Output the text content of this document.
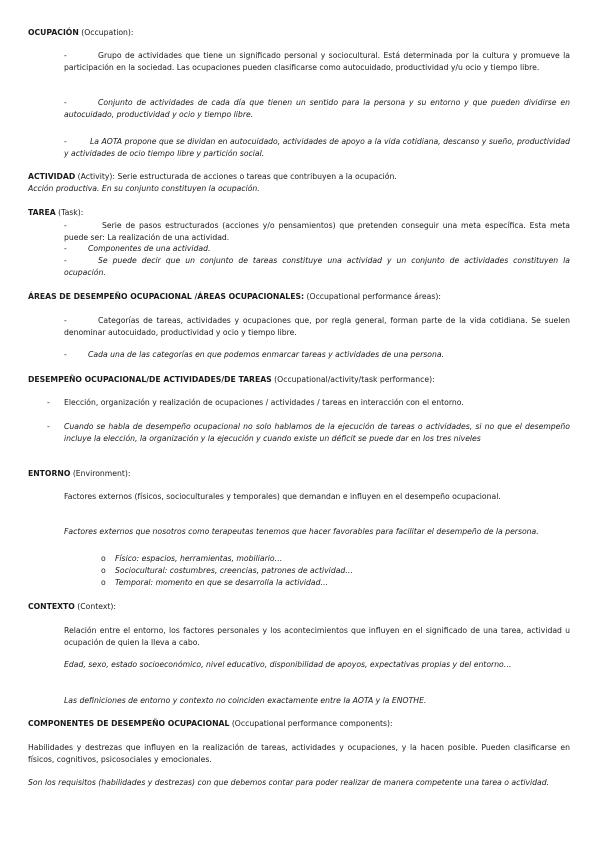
OCUPACIÓN (Occupation):
-	Grupo de actividades que tiene un significado personal y sociocultural. Está determinada por la cultura y promueve la participación en la sociedad. Las ocupaciones pueden clasificarse como autocuidado, productividad y/u ocio y tiempo libre.
-	Conjunto de actividades de cada día que tienen un sentido para la persona y su entorno y que pueden dividirse en autocuidado, productividad y ocio y tiempo libre.
-	La AOTA propone que se dividan en autocuidado, actividades de apoyo a la vida cotidiana, descanso y sueño, productividad y actividades de ocio tiempo libre y partición social.
ACTIVIDAD (Activity): Serie estructurada de acciones o tareas que contribuyen a la ocupación.
Acción productiva. En su conjunto constituyen la ocupación.
TAREA (Task):
-	Serie de pasos estructurados (acciones y/o pensamientos) que pretenden conseguir una meta específica. Esta meta puede ser: La realización de una actividad.
-	Componentes de una actividad.
-	Se puede decir que un conjunto de tareas constituye una actividad y un conjunto de actividades constituyen la ocupación.
ÁREAS DE DESEMPEÑO OCUPACIONAL /ÁREAS OCUPACIONALES: (Occupational performance áreas):
-	Categorías de tareas, actividades y ocupaciones que, por regla general, forman parte de la vida cotidiana. Se suelen denominar autocuidado, productividad y ocio y tiempo libre.
-	Cada una de las categorías en que podemos enmarcar tareas y actividades de una persona.
DESEMPEÑO OCUPACIONAL/DE ACTIVIDADES/DE TAREAS (Occupational/activity/task performance):
- Elección, organización y realización de ocupaciones / actividades / tareas en interacción con el entorno.
- Cuando se habla de desempeño ocupacional no solo hablamos de la ejecución de tareas o actividades, si no que el desempeño incluye la elección, la organización y la ejecución y cuando existe un déficit se puede dar en los tres niveles
ENTORNO (Environment):
Factores externos (físicos, socioculturales y temporales) que demandan e influyen en el desempeño ocupacional.
Factores externos que nosotros como terapeutas tenemos que hacer favorables para facilitar el desempeño de la persona.
o Físico: espacios, herramientas, mobiliario…
o Sociocultural: costumbres, creencias, patrones de actividad…
o Temporal: momento en que se desarrolla la actividad…
CONTEXTO (Context):
Relación entre el entorno, los factores personales y los acontecimientos que influyen en el significado de una tarea, actividad u ocupación de quien la lleva a cabo.
Edad, sexo, estado socioeconómico, nivel educativo, disponibilidad de apoyos, expectativas propias y del entorno…
Las definiciones de entorno y contexto no coinciden exactamente entre la AOTA y la ENOTHE.
COMPONENTES DE DESEMPEÑO OCUPACIONAL (Occupational performance components):
Habilidades y destrezas que influyen en la realización de tareas, actividades y ocupaciones, y la hacen posible. Pueden clasificarse en físicos, cognitivos, psicosociales y emocionales.
Son los requisitos (habilidades y destrezas) con que debemos contar para poder realizar de manera competente una tarea o actividad.
